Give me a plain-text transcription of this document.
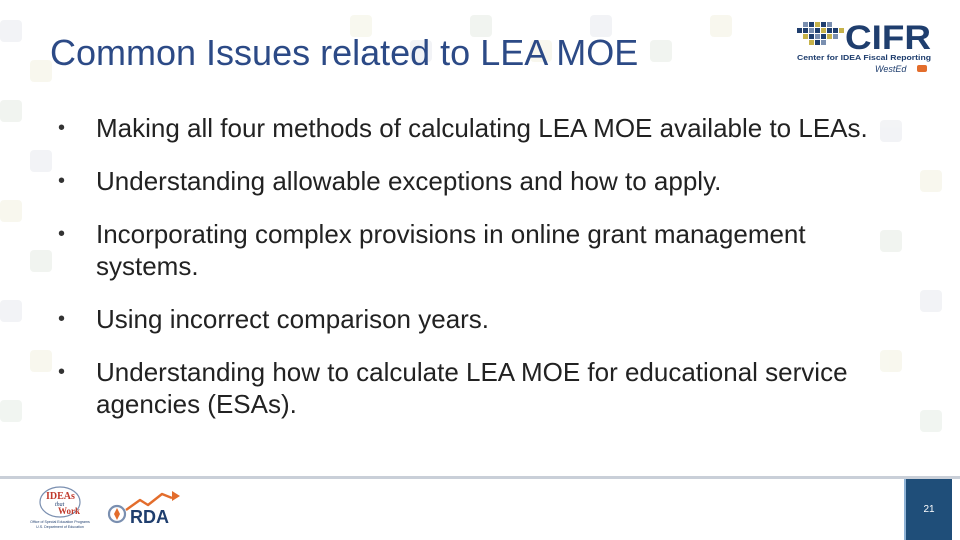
Common Issues related to LEA MOE	CIFR
Center for IDEA Fiscal Reporting
WestEd
• Making all four methods of calculating LEA MOE available to LEAs.
• Understanding allowable exceptions and how to apply.
• Incorporating complex provisions in online grant management systems.
• Using incorrect comparison years.
• Understanding how to calculate LEA MOE for educational service agencies (ESAs).
IDEAs
that
Work
Office of Special Education Programs
U.S. Department of Education	RDA	21
